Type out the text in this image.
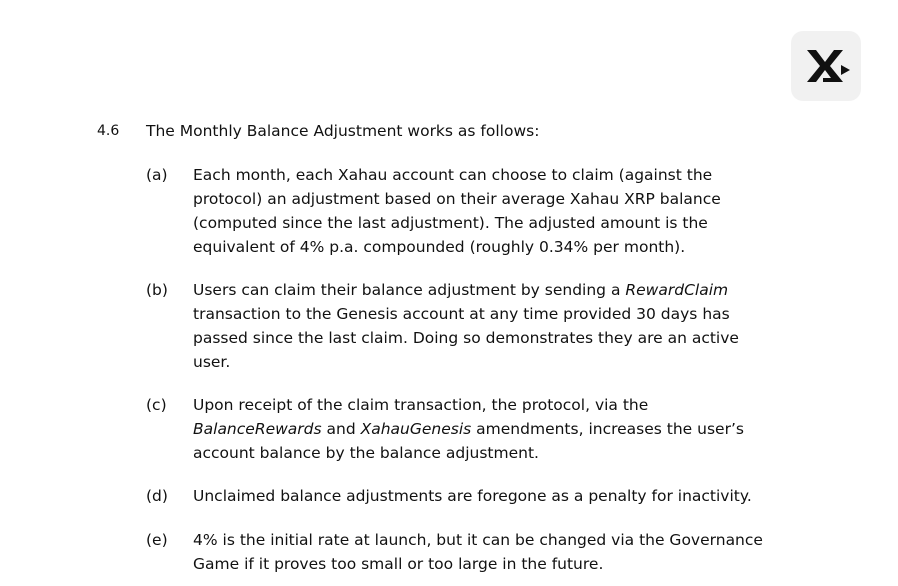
4.6 The Monthly Balance Adjustment works as follows:
(a) Each month, each Xahau account can choose to claim (against the

protocol) an adjustment based on their average Xahau XRP balance

(computed since the last adjustment). The adjusted amount is the

equivalent of 4% p.a. compounded (roughly 0.34% per month).

(b) Users can claim their balance adjustment by sending a RewardClaim

transaction to the Genesis account at any time provided 30 days has

passed since the last claim. Doing so demonstrates they are an active

user.

(c) Upon receipt of the claim transaction, the protocol, via the

BalanceRewards and XahauGenesis amendments, increases the user’s

account balance by the balance adjustment.

(d) Unclaimed balance adjustments are foregone as a penalty for inactivity.

(e) 4% is the initial rate at launch, but it can be changed via the Governance

Game if it proves too small or too large in the future.
